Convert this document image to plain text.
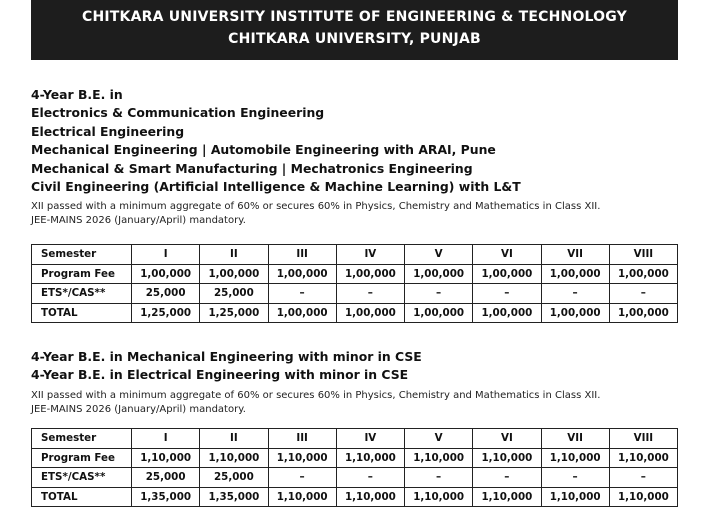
CHITKARA UNIVERSITY INSTITUTE OF ENGINEERING & TECHNOLOGY
CHITKARA UNIVERSITY, PUNJAB

4-Year B.E. in

Electronics & Communication Engineering

Electrical Engineering

Mechanical Engineering | Automobile Engineering with ARAI, Pune

Mechanical & Smart Manufacturing | Mechatronics Engineering

Civil Engineering (Artificial Intelligence & Machine Learning) with L&T

XII passed with a minimum aggregate of 60% or secures 60% in Physics, Chemistry and Mathematics in Class XII.
JEE-MAINS 2026 (January/April) mandatory.
Semester	I	II	III	IV	V	VI	VII	VIII
Program Fee	1,00,000	1,00,000	1,00,000	1,00,000	1,00,000	1,00,000	1,00,000	1,00,000
ETS*/CAS**	25,000	25,000	–	–	–	–	–	–
TOTAL	1,25,000	1,25,000	1,00,000	1,00,000	1,00,000	1,00,000	1,00,000	1,00,000

4-Year B.E. in Mechanical Engineering with minor in CSE

4-Year B.E. in Electrical Engineering with minor in CSE

XII passed with a minimum aggregate of 60% or secures 60% in Physics, Chemistry and Mathematics in Class XII.
JEE-MAINS 2026 (January/April) mandatory.
Semester	I	II	III	IV	V	VI	VII	VIII
Program Fee	1,10,000	1,10,000	1,10,000	1,10,000	1,10,000	1,10,000	1,10,000	1,10,000
ETS*/CAS**	25,000	25,000	–	–	–	–	–	–
TOTAL	1,35,000	1,35,000	1,10,000	1,10,000	1,10,000	1,10,000	1,10,000	1,10,000
